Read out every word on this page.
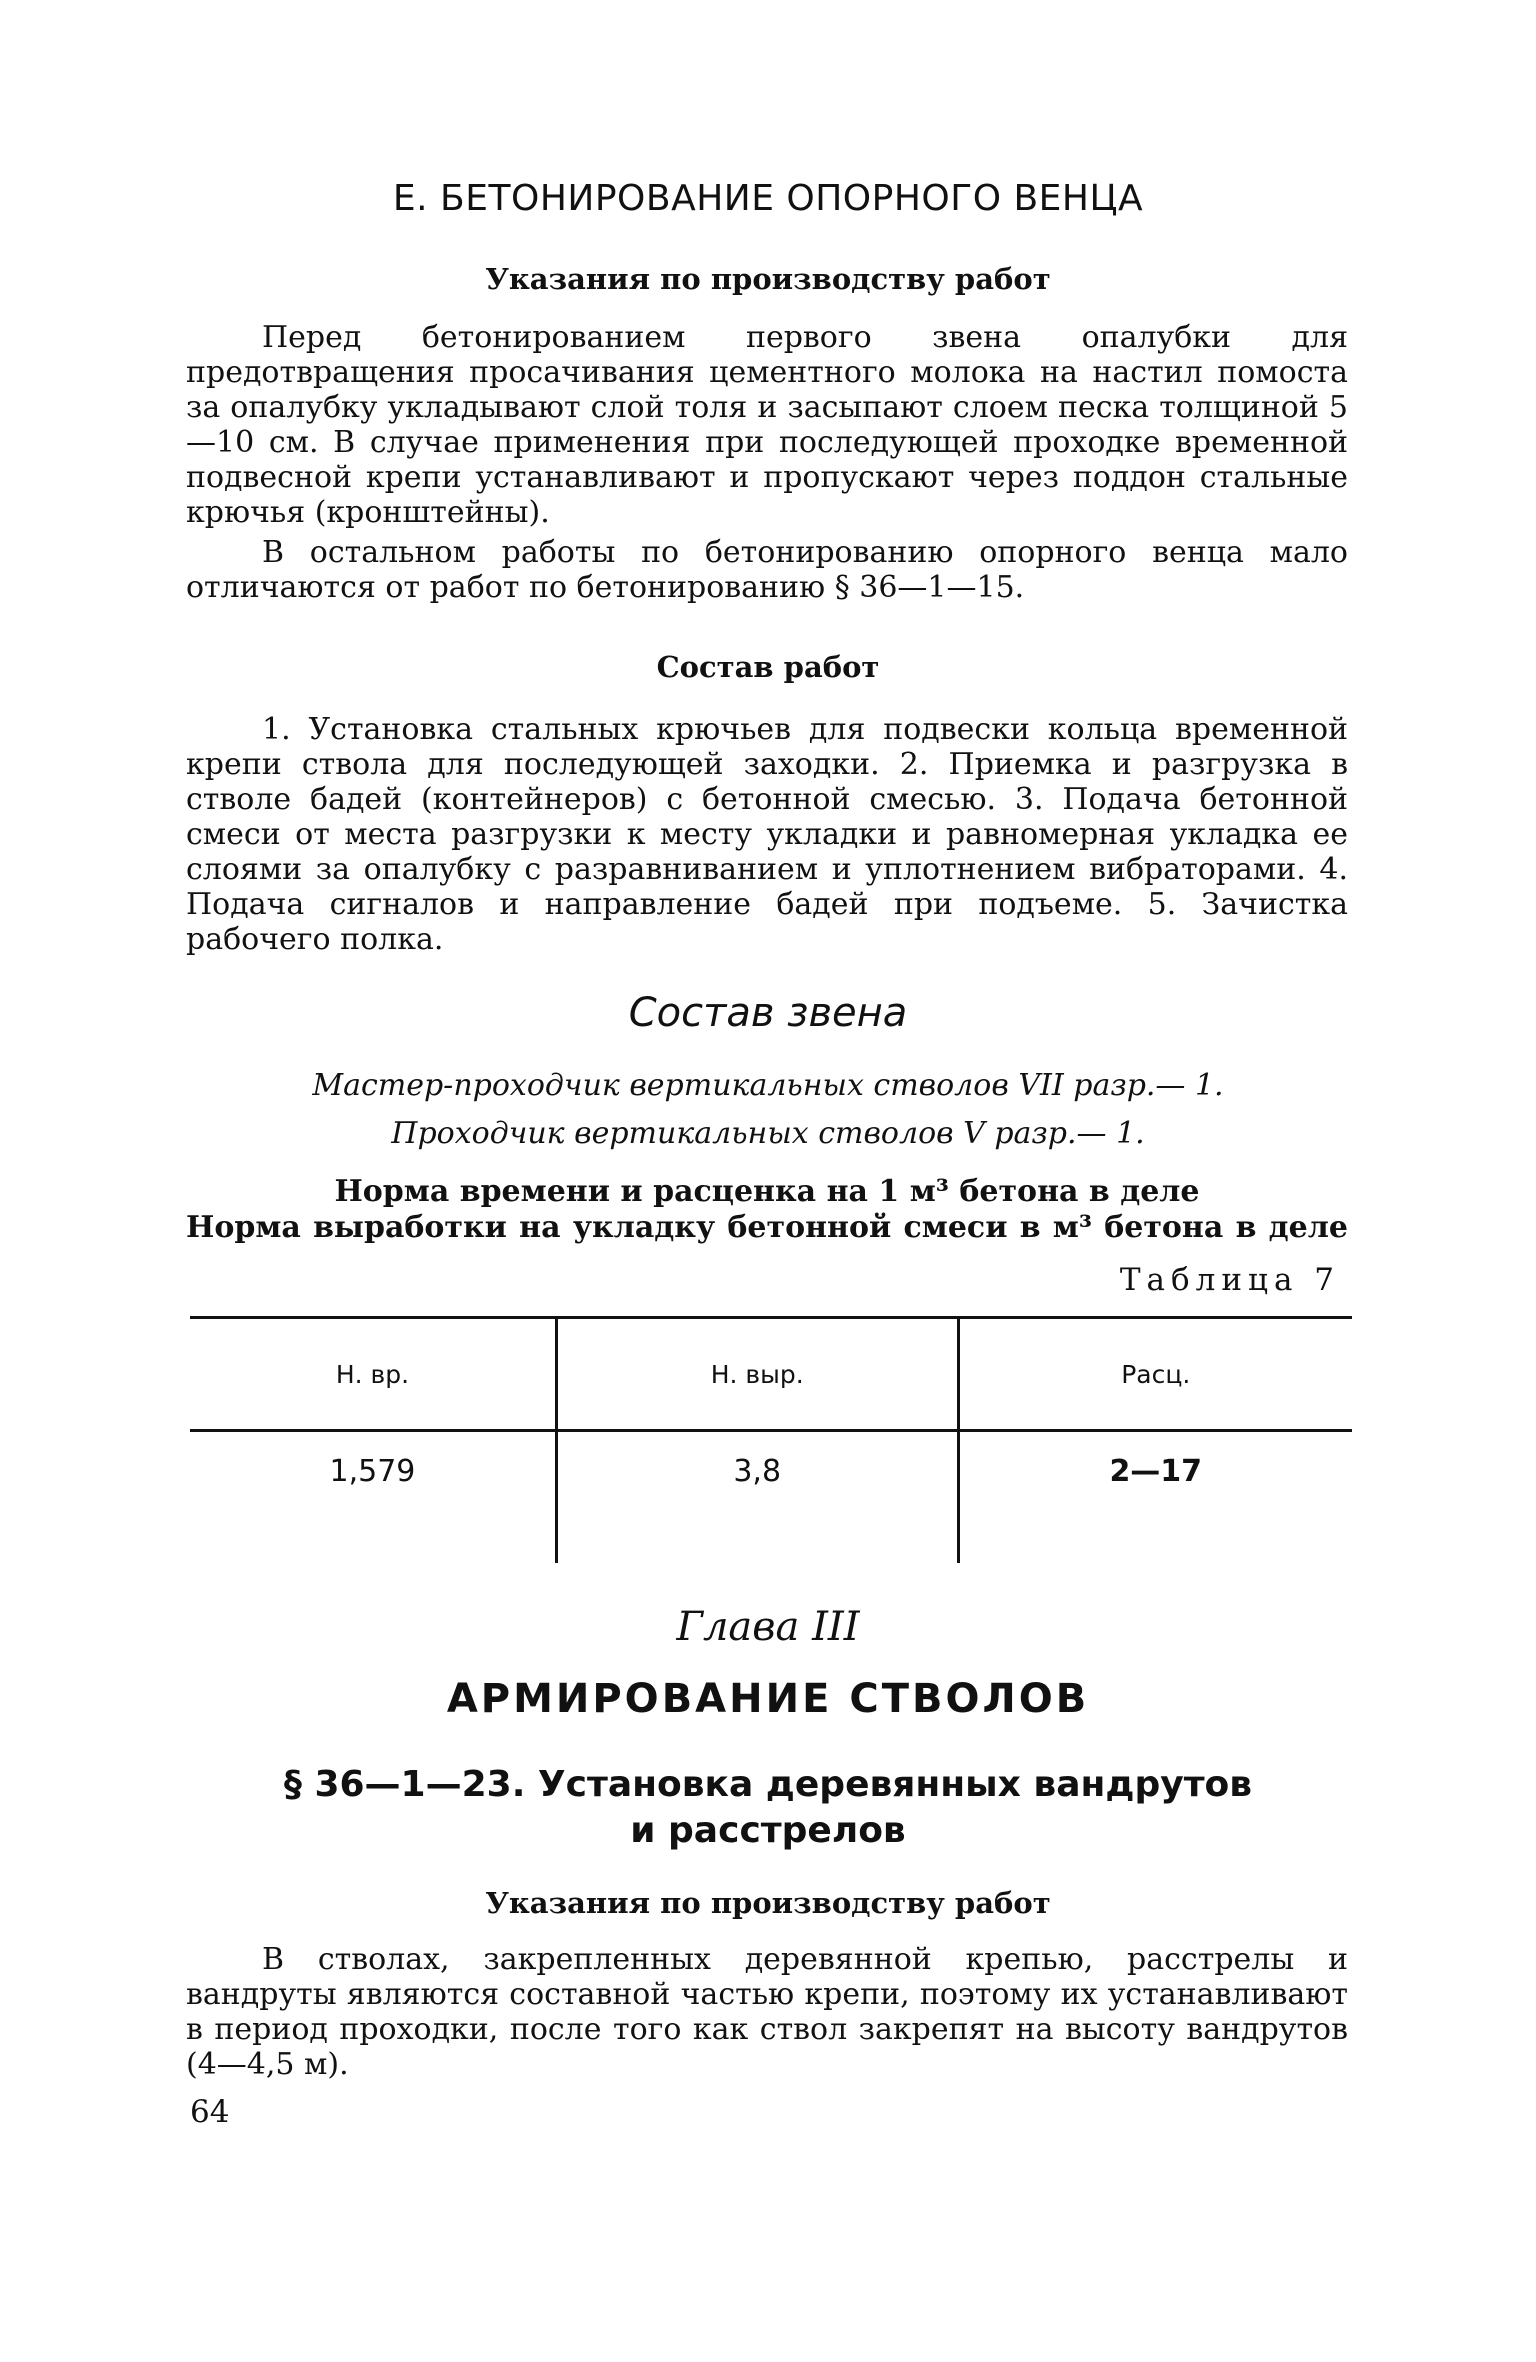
Е. БЕТОНИРОВАНИЕ ОПОРНОГО ВЕНЦА
Указания по производству работ

Перед бетонированием первого звена опалубки для предотвращения просачивания цементного молока на настил помоста за опалубку укладывают слой толя и засыпают слоем песка толщиной 5—10 см. В случае применения при последующей проходке временной подвесной крепи устанавливают и пропускают через поддон стальные крючья (кронштейны).

В остальном работы по бетонированию опорного венца мало отличаются от работ по бетонированию § 36—1—15.

Состав работ

1. Установка стальных крючьев для подвески кольца временной крепи ствола для последующей заходки. 2. Приемка и разгрузка в стволе бадей (контейнеров) с бетонной смесью. 3. Подача бетонной смеси от места разгрузки к месту укладки и равномерная укладка ее слоями за опалубку с разравниванием и уплотнением вибраторами. 4. Подача сигналов и направление бадей при подъеме. 5. Зачистка рабочего полка.

Состав звена
Мастер-проходчик вертикальных стволов VII разр.— 1.
Проходчик вертикальных стволов V разр.— 1.
Норма времени и расценка на 1 м³ бетона в деле
Норма выработки на укладку бетонной смеси в м³ бетона в деле
Таблица 7
Н. вр.	Н. выр.	Расц.
1,579	3,8	2—17
Глава III
АРМИРОВАНИЕ СТВОЛОВ
§ 36—1—23. Установка деревянных вандрутов
и расстрелов
Указания по производству работ

В стволах, закрепленных деревянной крепью, расстрелы и вандруты являются составной частью крепи, поэтому их устанавливают в период проходки, после того как ствол закрепят на высоту вандрутов (4—4,5 м).

64
